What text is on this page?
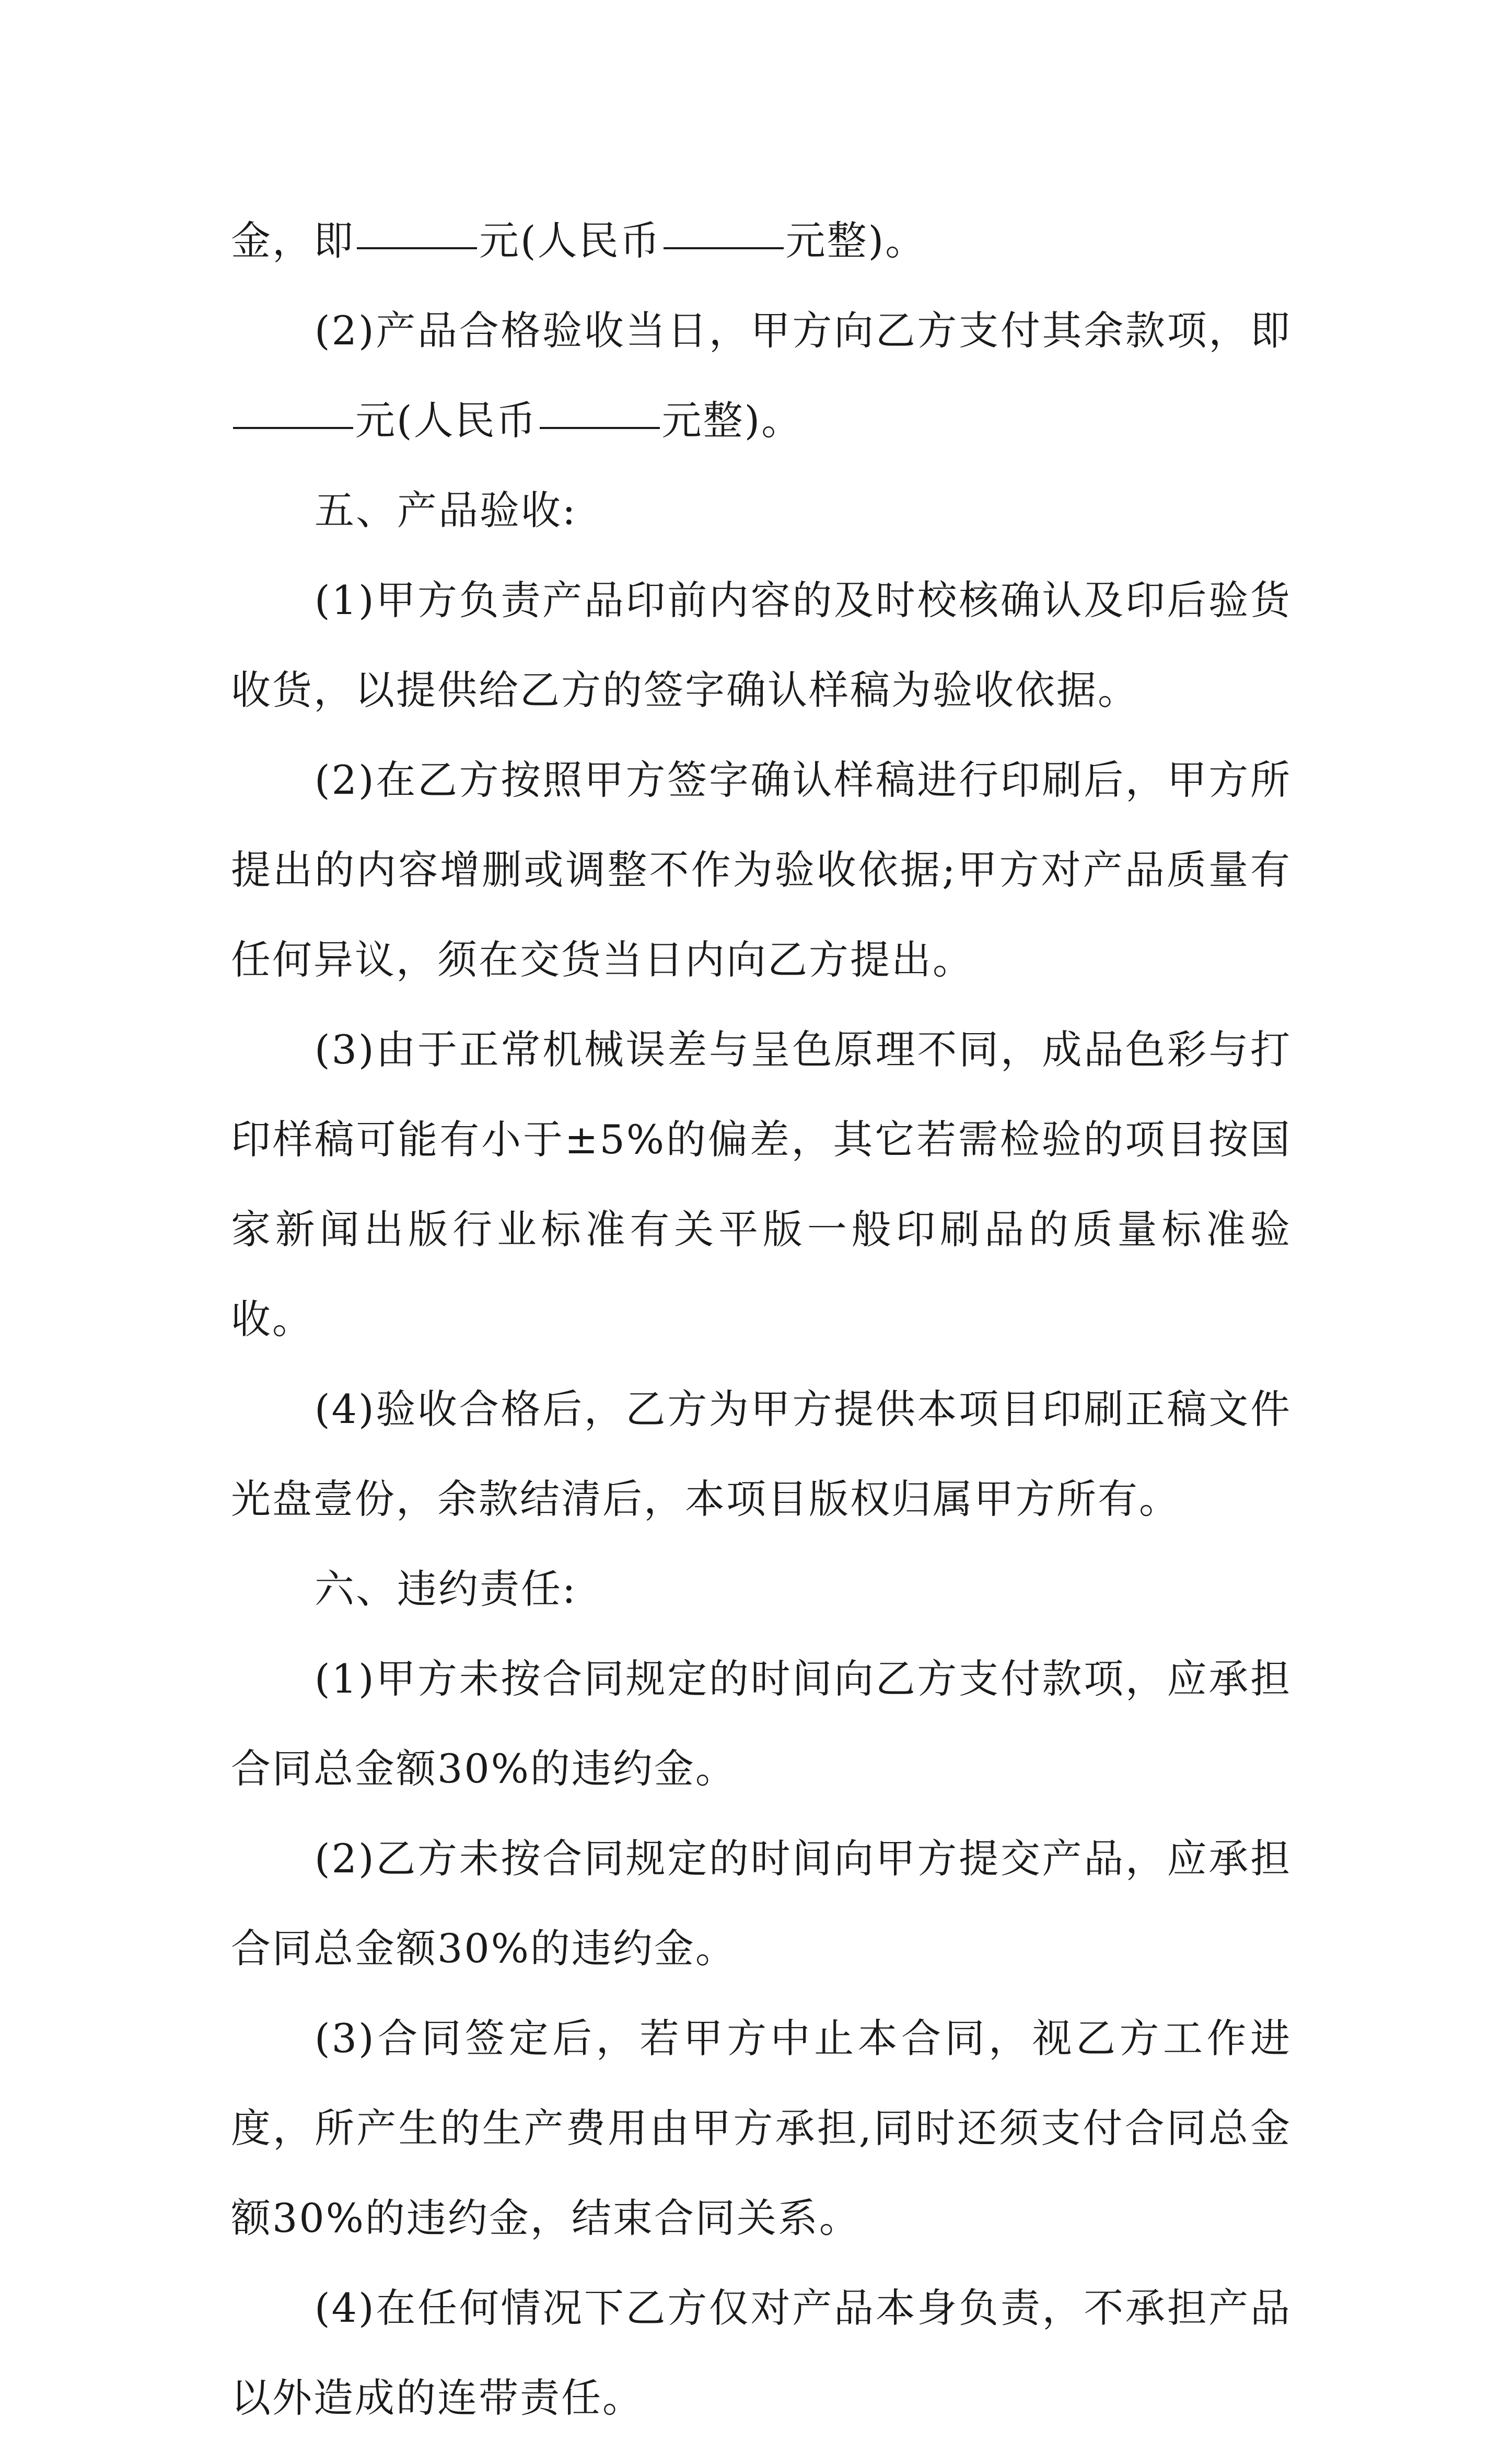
金，即	元(人民币	元整)。

(2)产品合格验收当日，甲方向乙方支付其余款项，即元(人民币	元整)。

五、产品验收:

(1)甲方负责产品印前内容的及时校核确认及印后验货收货，以提供给乙方的签字确认样稿为验收依据。

(2)在乙方按照甲方签字确认样稿进行印刷后，甲方所提出的内容增删或调整不作为验收依据;甲方对产品质量有任何异议，须在交货当日内向乙方提出。

(3)由于正常机械误差与呈色原理不同，成品色彩与打印样稿可能有小于±5%的偏差，其它若需检验的项目按国家新闻出版行业标准有关平版一般印刷品的质量标准验收。

(4)验收合格后，乙方为甲方提供本项目印刷正稿文件光盘壹份，余款结清后，本项目版权归属甲方所有。

六、违约责任:

(1)甲方未按合同规定的时间向乙方支付款项，应承担合同总金额30%的违约金。

(2)乙方未按合同规定的时间向甲方提交产品，应承担合同总金额30%的违约金。

(3)合同签定后，若甲方中止本合同，视乙方工作进度，所产生的生产费用由甲方承担,同时还须支付合同总金额30%的违约金，结束合同关系。

(4)在任何情况下乙方仅对产品本身负责，不承担产品以外造成的连带责任。
